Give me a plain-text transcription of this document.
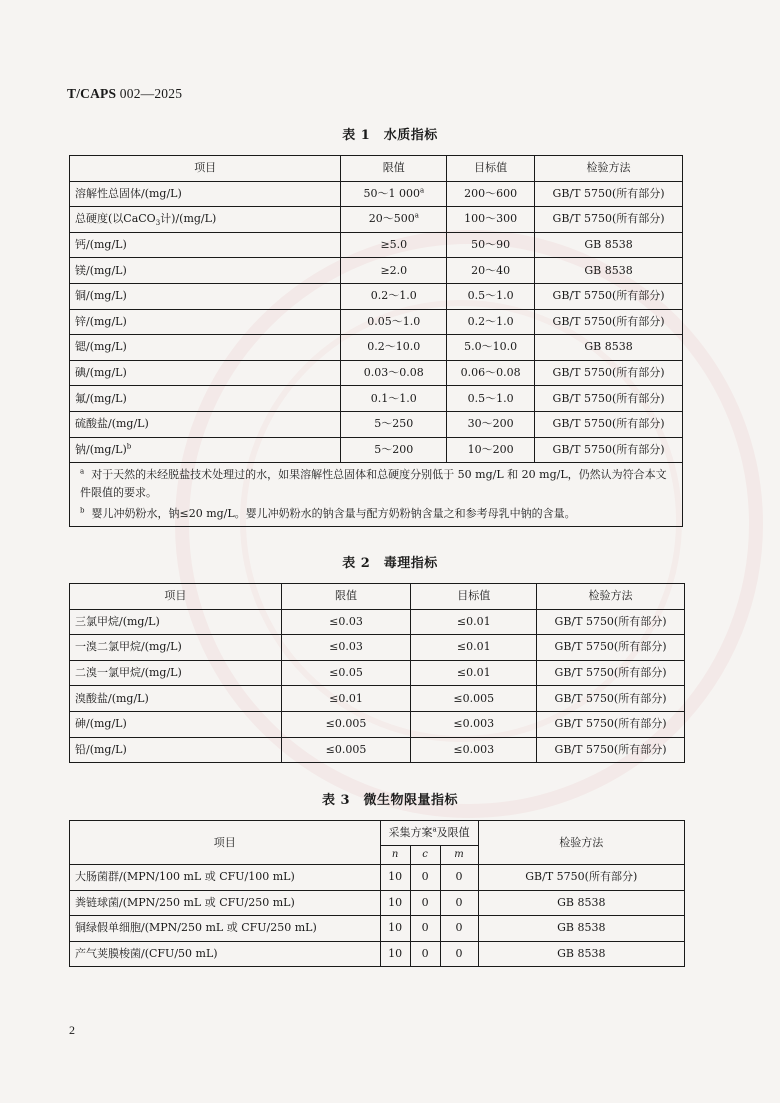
T/CAPS 002—2025
表 1　水质指标
项目	限值	目标值	检验方法
溶解性总固体/(mg/L)	50～1 000$^a$	200～600	GB/T 5750(所有部分)
总硬度(以CaCO$_3$计)/(mg/L)	20～500$^a$	100～300	GB/T 5750(所有部分)
钙/(mg/L)	≥5.0	50～90	GB 8538
镁/(mg/L)	≥2.0	20～40	GB 8538
铜/(mg/L)	0.2～1.0	0.5～1.0	GB/T 5750(所有部分)
锌/(mg/L)	0.05～1.0	0.2～1.0	GB/T 5750(所有部分)
锶/(mg/L)	0.2～10.0	5.0～10.0	GB 8538
碘/(mg/L)	0.03～0.08	0.06～0.08	GB/T 5750(所有部分)
氟/(mg/L)	0.1～1.0	0.5～1.0	GB/T 5750(所有部分)
硫酸盐/(mg/L)	5～250	30～200	GB/T 5750(所有部分)
钠$/(mg/L)^b$	5～200	10～200	GB/T 5750(所有部分)

$^a$ 对于天然的未经脱盐技术处理过的水，如果溶解性总固体和总硬度分别低于 50 mg/L 和 20 mg/L，仍然认为符合本文件限值的要求。

$^b$ 婴儿冲奶粉水，钠≤20 mg/L。婴儿冲奶粉水的钠含量与配方奶粉钠含量之和参考母乳中钠的含量。			

表 2　毒理指标
项目	限值	目标值	检验方法
三氯甲烷/(mg/L)	≤0.03	≤0.01	GB/T 5750(所有部分)
一溴二氯甲烷/(mg/L)	≤0.03	≤0.01	GB/T 5750(所有部分)
二溴一氯甲烷/(mg/L)	≤0.05	≤0.01	GB/T 5750(所有部分)
溴酸盐/(mg/L)	≤0.01	≤0.005	GB/T 5750(所有部分)
砷/(mg/L)	≤0.005	≤0.003	GB/T 5750(所有部分)
铅/(mg/L)	≤0.005	≤0.003	GB/T 5750(所有部分)
表 3　微生物限量指标
项目	采集方案$^a$及限值			检验方法
	n	c	m	
大肠菌群/(MPN/100 mL 或 CFU/100 mL)	10	0	0	GB/T 5750(所有部分)
粪链球菌/(MPN/250 mL 或 CFU/250 mL)	10	0	0	GB 8538
铜绿假单细胞/(MPN/250 mL 或 CFU/250 mL)	10	0	0	GB 8538
产气荚膜梭菌/(CFU/50 mL)	10	0	0	GB 8538
2
